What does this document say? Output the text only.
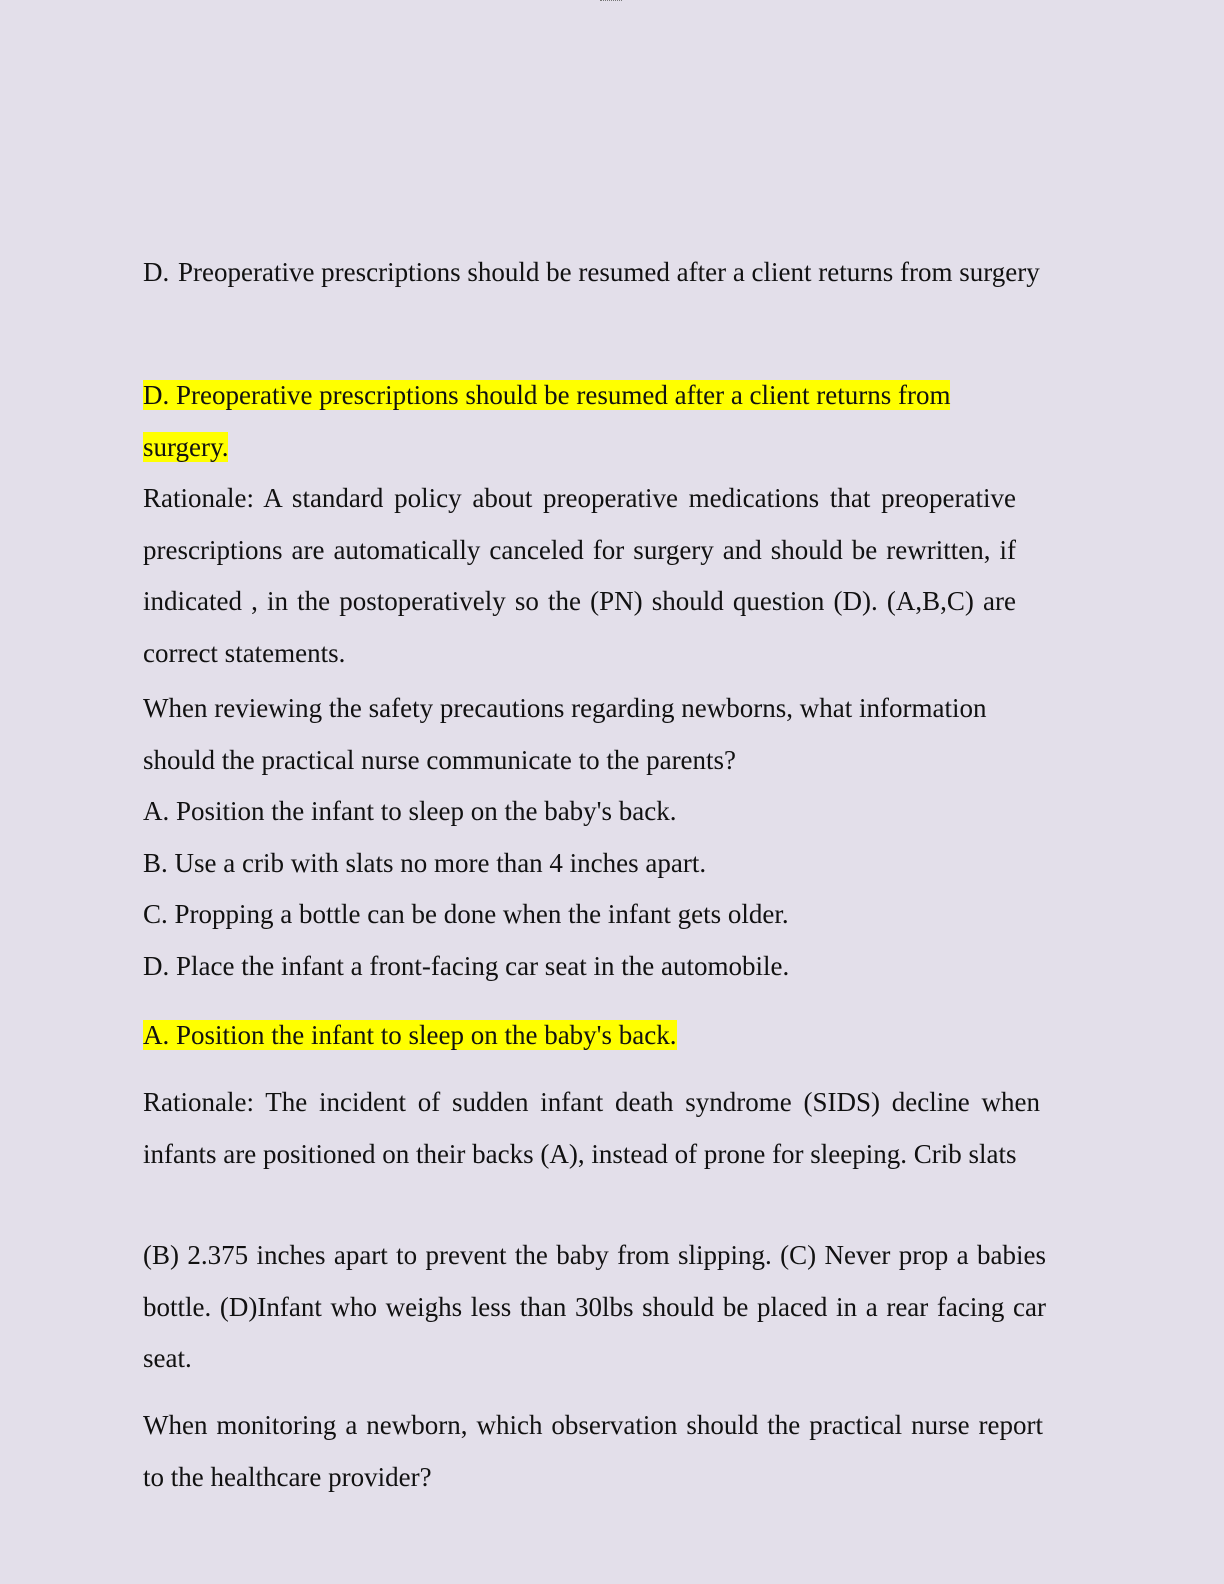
D. Preoperative prescriptions should be resumed after a client returns from surgery
D. Preoperative prescriptions should be resumed after a client returns from
surgery.

Rationale: A standard policy about preoperative medications that preoperative prescriptions are automatically canceled for surgery and should be rewritten, if indicated , in the postoperatively so the (PN) should question (D). (A,B,C) are correct statements.

When reviewing the safety precautions regarding newborns, what information should the practical nurse communicate to the parents?

A. Position the infant to sleep on the baby's back.
B. Use a crib with slats no more than 4 inches apart.
C. Propping a bottle can be done when the infant gets older.
D. Place the infant a front-facing car seat in the automobile.
A. Position the infant to sleep on the baby's back.

Rationale: The incident of sudden infant death syndrome (SIDS) decline when infants are positioned on their backs (A), instead of prone for sleeping. Crib slats

(B) 2.375 inches apart to prevent the baby from slipping. (C) Never prop a babies bottle. (D)Infant who weighs less than 30lbs should be placed in a rear facing car seat.

When monitoring a newborn, which observation should the practical nurse report to the healthcare provider?
